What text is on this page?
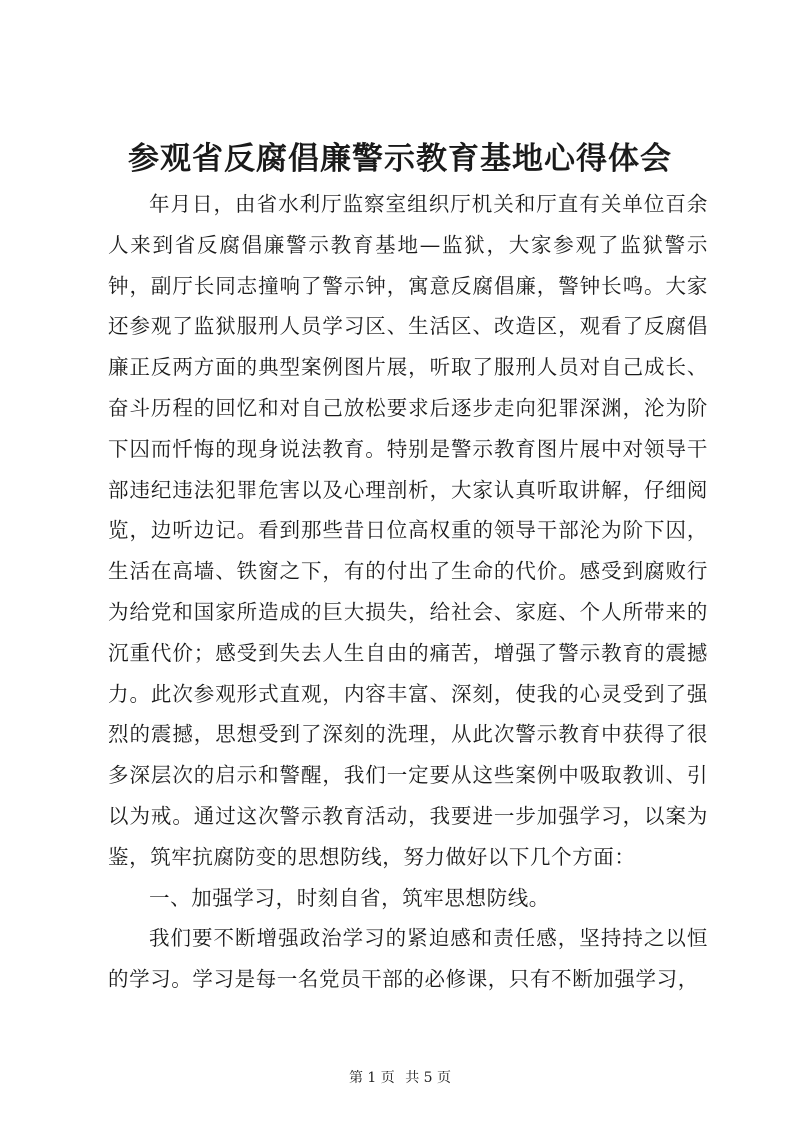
参观省反腐倡廉警示教育基地心得体会

年月日，由省水利厅监察室组织厅机关和厅直有关单位百余人来到省反腐倡廉警示教育基地—监狱，大家参观了监狱警示钟，副厅长同志撞响了警示钟，寓意反腐倡廉，警钟长鸣。大家还参观了监狱服刑人员学习区、生活区、改造区，观看了反腐倡廉正反两方面的典型案例图片展，听取了服刑人员对自己成长、奋斗历程的回忆和对自己放松要求后逐步走向犯罪深渊，沦为阶下囚而忏悔的现身说法教育。特别是警示教育图片展中对领导干部违纪违法犯罪危害以及心理剖析，大家认真听取讲解，仔细阅览，边听边记。看到那些昔日位高权重的领导干部沦为阶下囚，生活在高墙、铁窗之下，有的付出了生命的代价。感受到腐败行为给党和国家所造成的巨大损失，给社会、家庭、个人所带来的沉重代价；感受到失去人生自由的痛苦，增强了警示教育的震撼力。此次参观形式直观，内容丰富、深刻，使我的心灵受到了强烈的震撼，思想受到了深刻的洗理，从此次警示教育中获得了很多深层次的启示和警醒，我们一定要从这些案例中吸取教训、引以为戒。通过这次警示教育活动，我要进一步加强学习，以案为鉴，筑牢抗腐防变的思想防线，努力做好以下几个方面：

一、加强学习，时刻自省，筑牢思想防线。

我们要不断增强政治学习的紧迫感和责任感，坚持持之以恒的学习。学习是每一名党员干部的必修课，只有不断加强学习，

第 1 页 共 5 页
